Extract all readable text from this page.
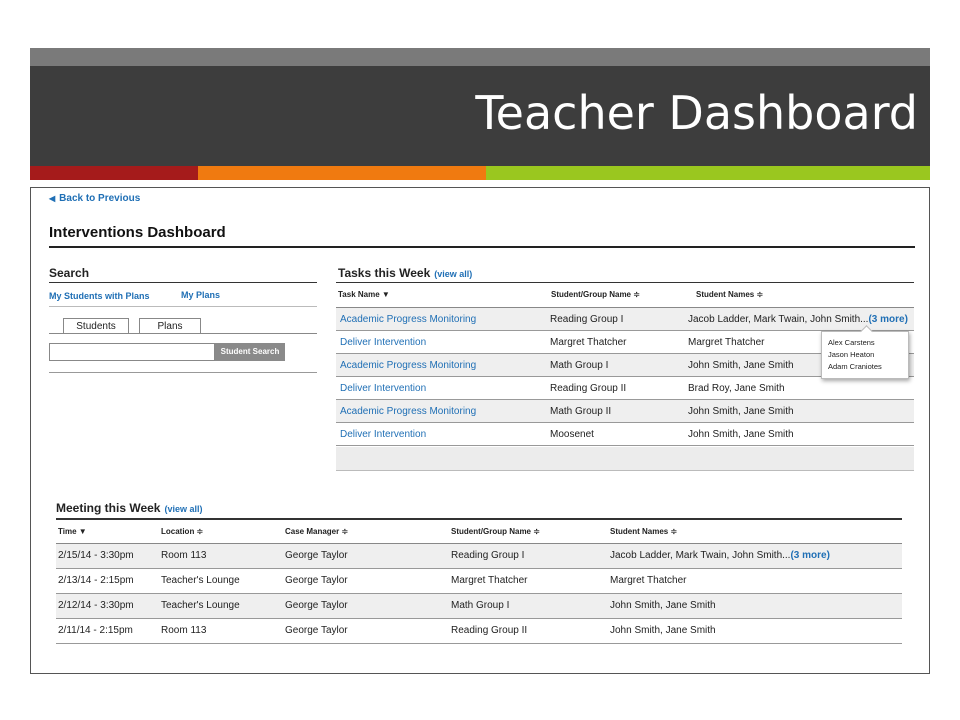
Teacher Dashboard
◀ Back to Previous
Interventions Dashboard
Search
My Students with Plans	My Plans
Students	Plans
Student Search
Tasks this Week (view all)
Task Name ▼	Student/Group Name ≑	Student Names ≑
Academic Progress Monitoring	Reading Group I	Jacob Ladder, Mark Twain, John Smith...(3 more)
Deliver Intervention	Margret Thatcher	Margret Thatcher
Academic Progress Monitoring	Math Group I	John Smith, Jane Smith
Deliver Intervention	Reading Group II	Brad Roy, Jane Smith
Academic Progress Monitoring	Math Group II	John Smith, Jane Smith
Deliver Intervention	Moosenet	John Smith, Jane Smith
Alex Carstens
Jason Heaton
Adam Craniotes
Meeting this Week (view all)
Time ▼	Location ≑	Case Manager ≑	Student/Group Name ≑	Student Names ≑
2/15/14 - 3:30pm	Room 113	George Taylor	Reading Group I	Jacob Ladder, Mark Twain, John Smith...(3 more)
2/13/14 - 2:15pm	Teacher's Lounge	George Taylor	Margret Thatcher	Margret Thatcher
2/12/14 - 3:30pm	Teacher's Lounge	George Taylor	Math Group I	John Smith, Jane Smith
2/11/14 - 2:15pm	Room 113	George Taylor	Reading Group II	John Smith, Jane Smith
